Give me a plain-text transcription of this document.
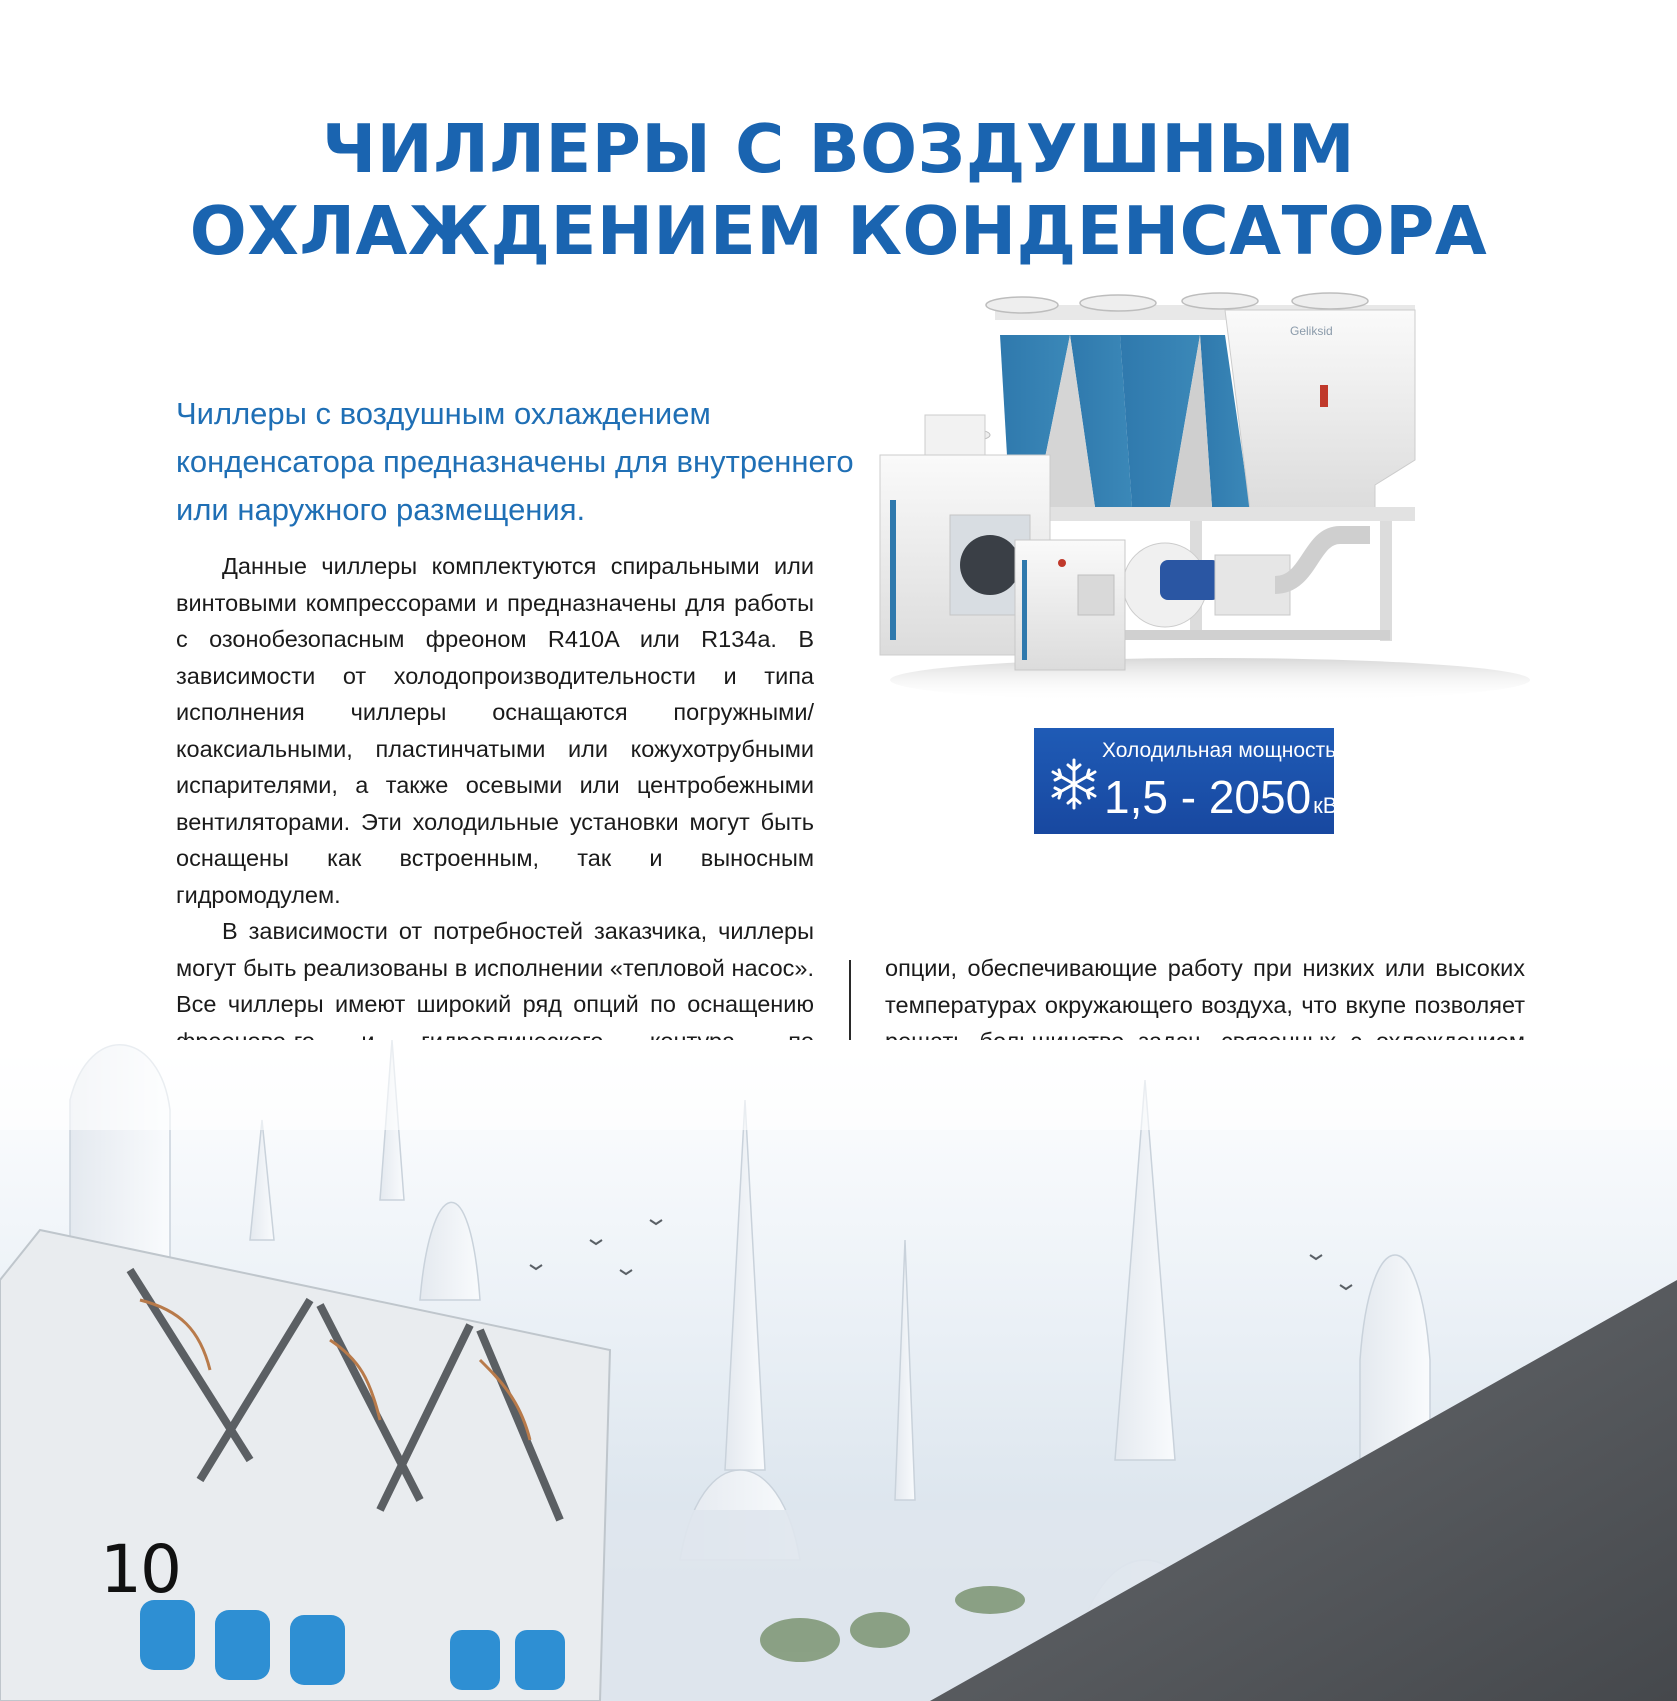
ЧИЛЛЕРЫ С ВОЗДУШНЫМ
ОХЛАЖДЕНИЕМ КОНДЕНСАТОРА
Чиллеры с воздушным охлаждением конденсатора предназначены для внутреннего или наружного размещения.

Данные чиллеры комплектуются спиральными или винтовыми компрессорами и предназначены для работы с озонобезопасным фреоном R410A или R134a. В зависимости от холодопроизводительности и типа исполнения чиллеры оснащаются погружными/коаксиальными, пластинчатыми или кожухотрубными испарителями, а также осевыми или центробежными вентиляторами. Эти холодильные установки могут быть оснащены как встроенным, так и выносным гидромодулем.

В зависимости от потребностей заказчика, чиллеры могут быть реализованы в исполнении «тепловой насос». Все чиллеры имеют широкий ряд опций по оснащению

опции, обеспечивающие работу при низких или высоких температурах окружающего воздуха, что вкупе позволяет

Geliksid
Холодильная мощность:
1,5 - 2050кВт
10
